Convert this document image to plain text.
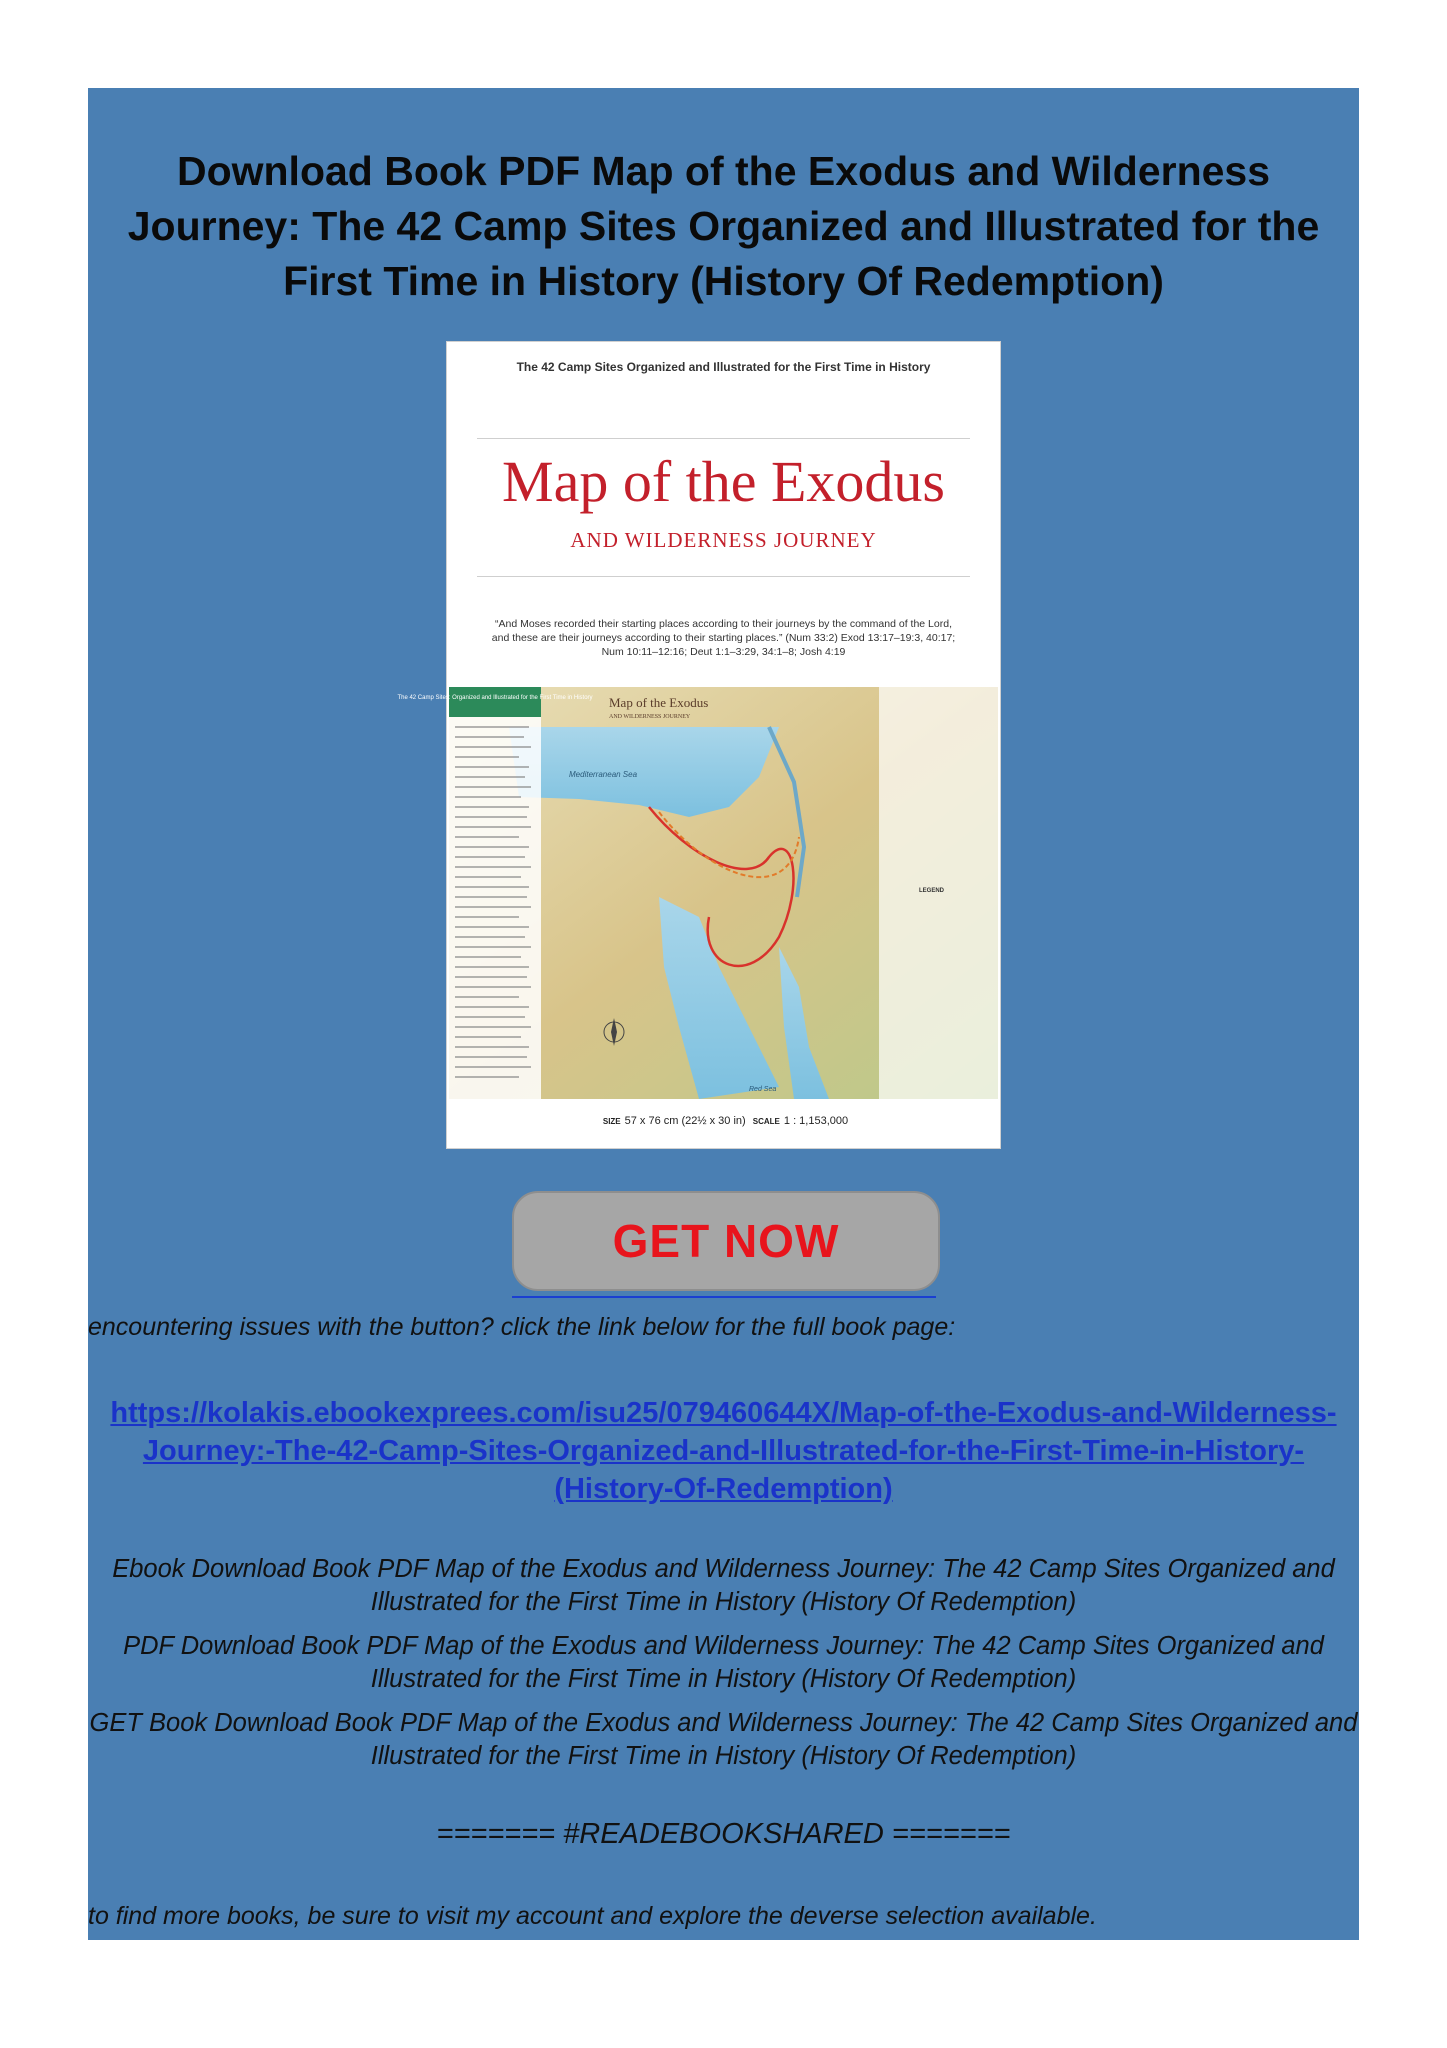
Download Book PDF Map of the Exodus and Wilderness Journey: The 42 Camp Sites Organized and Illustrated for the First Time in History (History Of Redemption)
The 42 Camp Sites Organized and Illustrated for the First Time in History
Map of the Exodus
AND WILDERNESS JOURNEY
“And Moses recorded their starting places according to their journeys by the command of the Lord, and these are their journeys according to their starting places.” (Num 33:2) Exod 13:17–19:3, 40:17; Num 10:11–12:16; Deut 1:1–3:29, 34:1–8; Josh 4:19
The 42 Camp Sites: Organized and Illustrated for the First Time in History Map of the Exodus
AND WILDERNESS JOURNEY
Mediterranean Sea
Red Sea
LEGEND
SIZE 57 x 76 cm (22½ x 30 in) SCALE 1 : 1,153,000
GET NOW
encountering issues with the button? click the link below for the full book page:
https://kolakis.ebookexprees.com/isu25/079460644X/Map-of-the-Exodus-and-Wilderness-Journey:-The-42-Camp-Sites-Organized-and-Illustrated-for-the-First-Time-in-History-(History-Of-Redemption)

Ebook Download Book PDF Map of the Exodus and Wilderness Journey: The 42 Camp Sites Organized and Illustrated for the First Time in History (History Of Redemption)

PDF Download Book PDF Map of the Exodus and Wilderness Journey: The 42 Camp Sites Organized and Illustrated for the First Time in History (History Of Redemption)

GET Book Download Book PDF Map of the Exodus and Wilderness Journey: The 42 Camp Sites Organized and Illustrated for the First Time in History (History Of Redemption)

======= #READEBOOKSHARED =======
to find more books, be sure to visit my account and explore the deverse selection available.
